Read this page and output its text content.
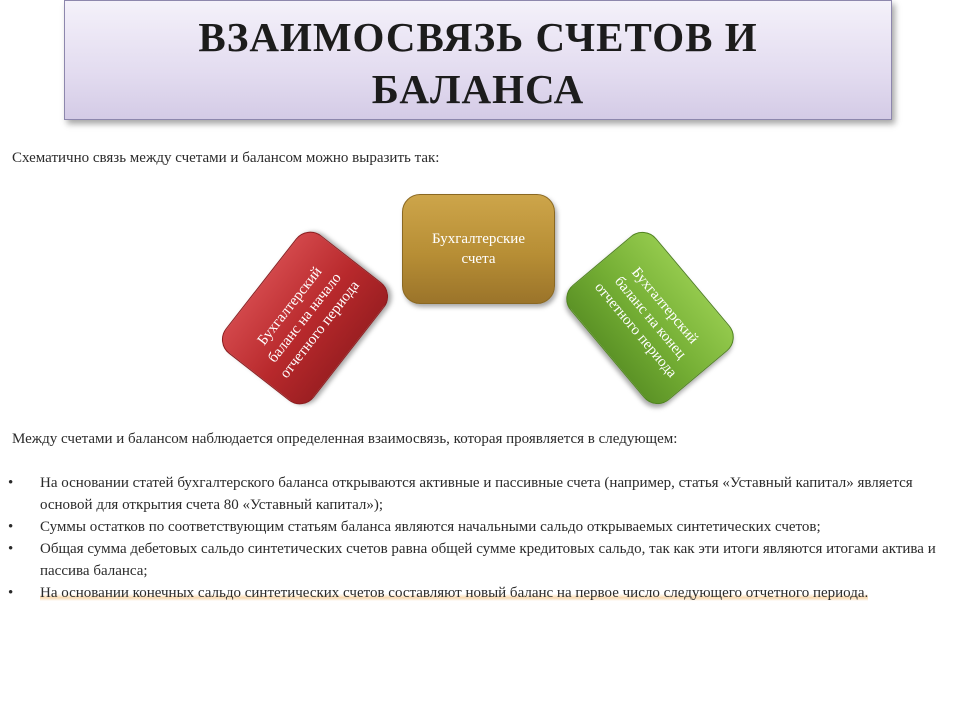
ВЗАИМОСВЯЗЬ СЧЕТОВ И БАЛАНСА
Схематично связь между счетами и балансом можно выразить так:
Бухгалтерский баланс на начало отчетного периода
Бухгалтерские счета
Бухгалтерский баланс на конец отчетного периода
Между счетами и балансом наблюдается определенная взаимосвязь, которая проявляется в следующем:
•	На основании статей бухгалтерского баланса открываются активные и пассивные счета (например, статья «Уставный капитал» является основой для открытия счета 80 «Уставный капитал»);
•	Суммы остатков по соответствующим статьям баланса являются начальными сальдо открываемых синтетических счетов;
•	Общая сумма дебетовых сальдо синтетических счетов равна общей сумме кредитовых сальдо, так как эти итоги являются итогами актива и пассива баланса;
•	На основании конечных сальдо синтетических счетов составляют новый баланс на первое число следующего отчетного периода.
